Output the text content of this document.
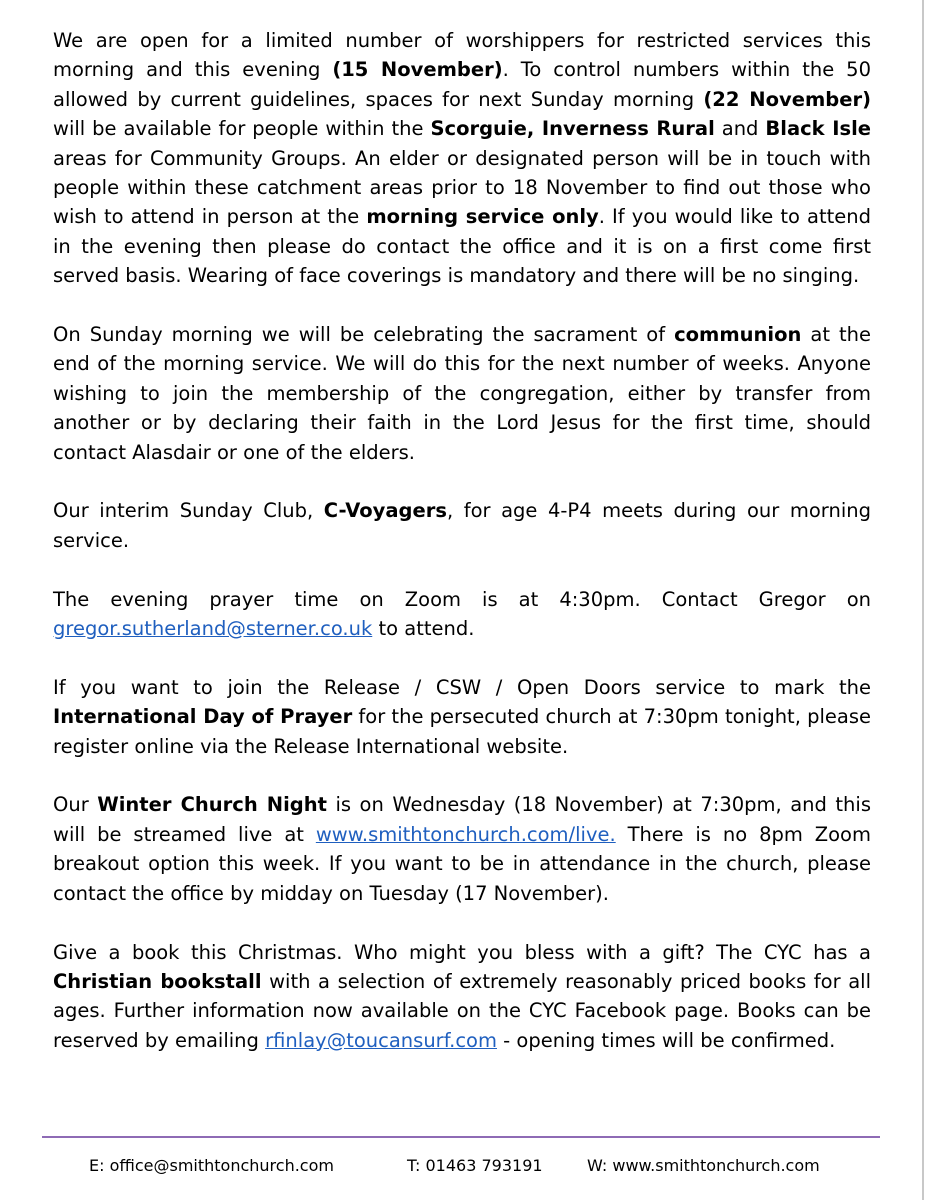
We are open for a limited number of worshippers for restricted services this morning and this evening (15 November). To control numbers within the 50 allowed by current guidelines, spaces for next Sunday morning (22 November) will be available for people within the Scorguie, Inverness Rural and Black Isle areas for Community Groups. An elder or designated person will be in touch with people within these catchment areas prior to 18 November to find out those who wish to attend in person at the morning service only. If you would like to attend in the evening then please do contact the office and it is on a first come first served basis. Wearing of face coverings is mandatory and there will be no singing.

On Sunday morning we will be celebrating the sacrament of communion at the end of the morning service. We will do this for the next number of weeks. Anyone wishing to join the membership of the congregation, either by transfer from another or by declaring their faith in the Lord Jesus for the first time, should contact Alasdair or one of the elders.

Our interim Sunday Club, C-Voyagers, for age 4-P4 meets during our morning service.

The evening prayer time on Zoom is at 4:30pm. Contact Gregor on gregor.sutherland@sterner.co.uk to attend.

If you want to join the Release / CSW / Open Doors service to mark the International Day of Prayer for the persecuted church at 7:30pm tonight, please register online via the Release International website.

Our Winter Church Night is on Wednesday (18 November) at 7:30pm, and this will be streamed live at www.smithtonchurch.com/live. There is no 8pm Zoom breakout option this week. If you want to be in attendance in the church, please contact the office by midday on Tuesday (17 November).

Give a book this Christmas. Who might you bless with a gift? The CYC has a Christian bookstall with a selection of extremely reasonably priced books for all ages. Further information now available on the CYC Facebook page. Books can be reserved by emailing rfinlay@toucansurf.com - opening times will be confirmed.

E: office@smithtonchurch.com	T: 01463 793191	W: www.smithtonchurch.com
